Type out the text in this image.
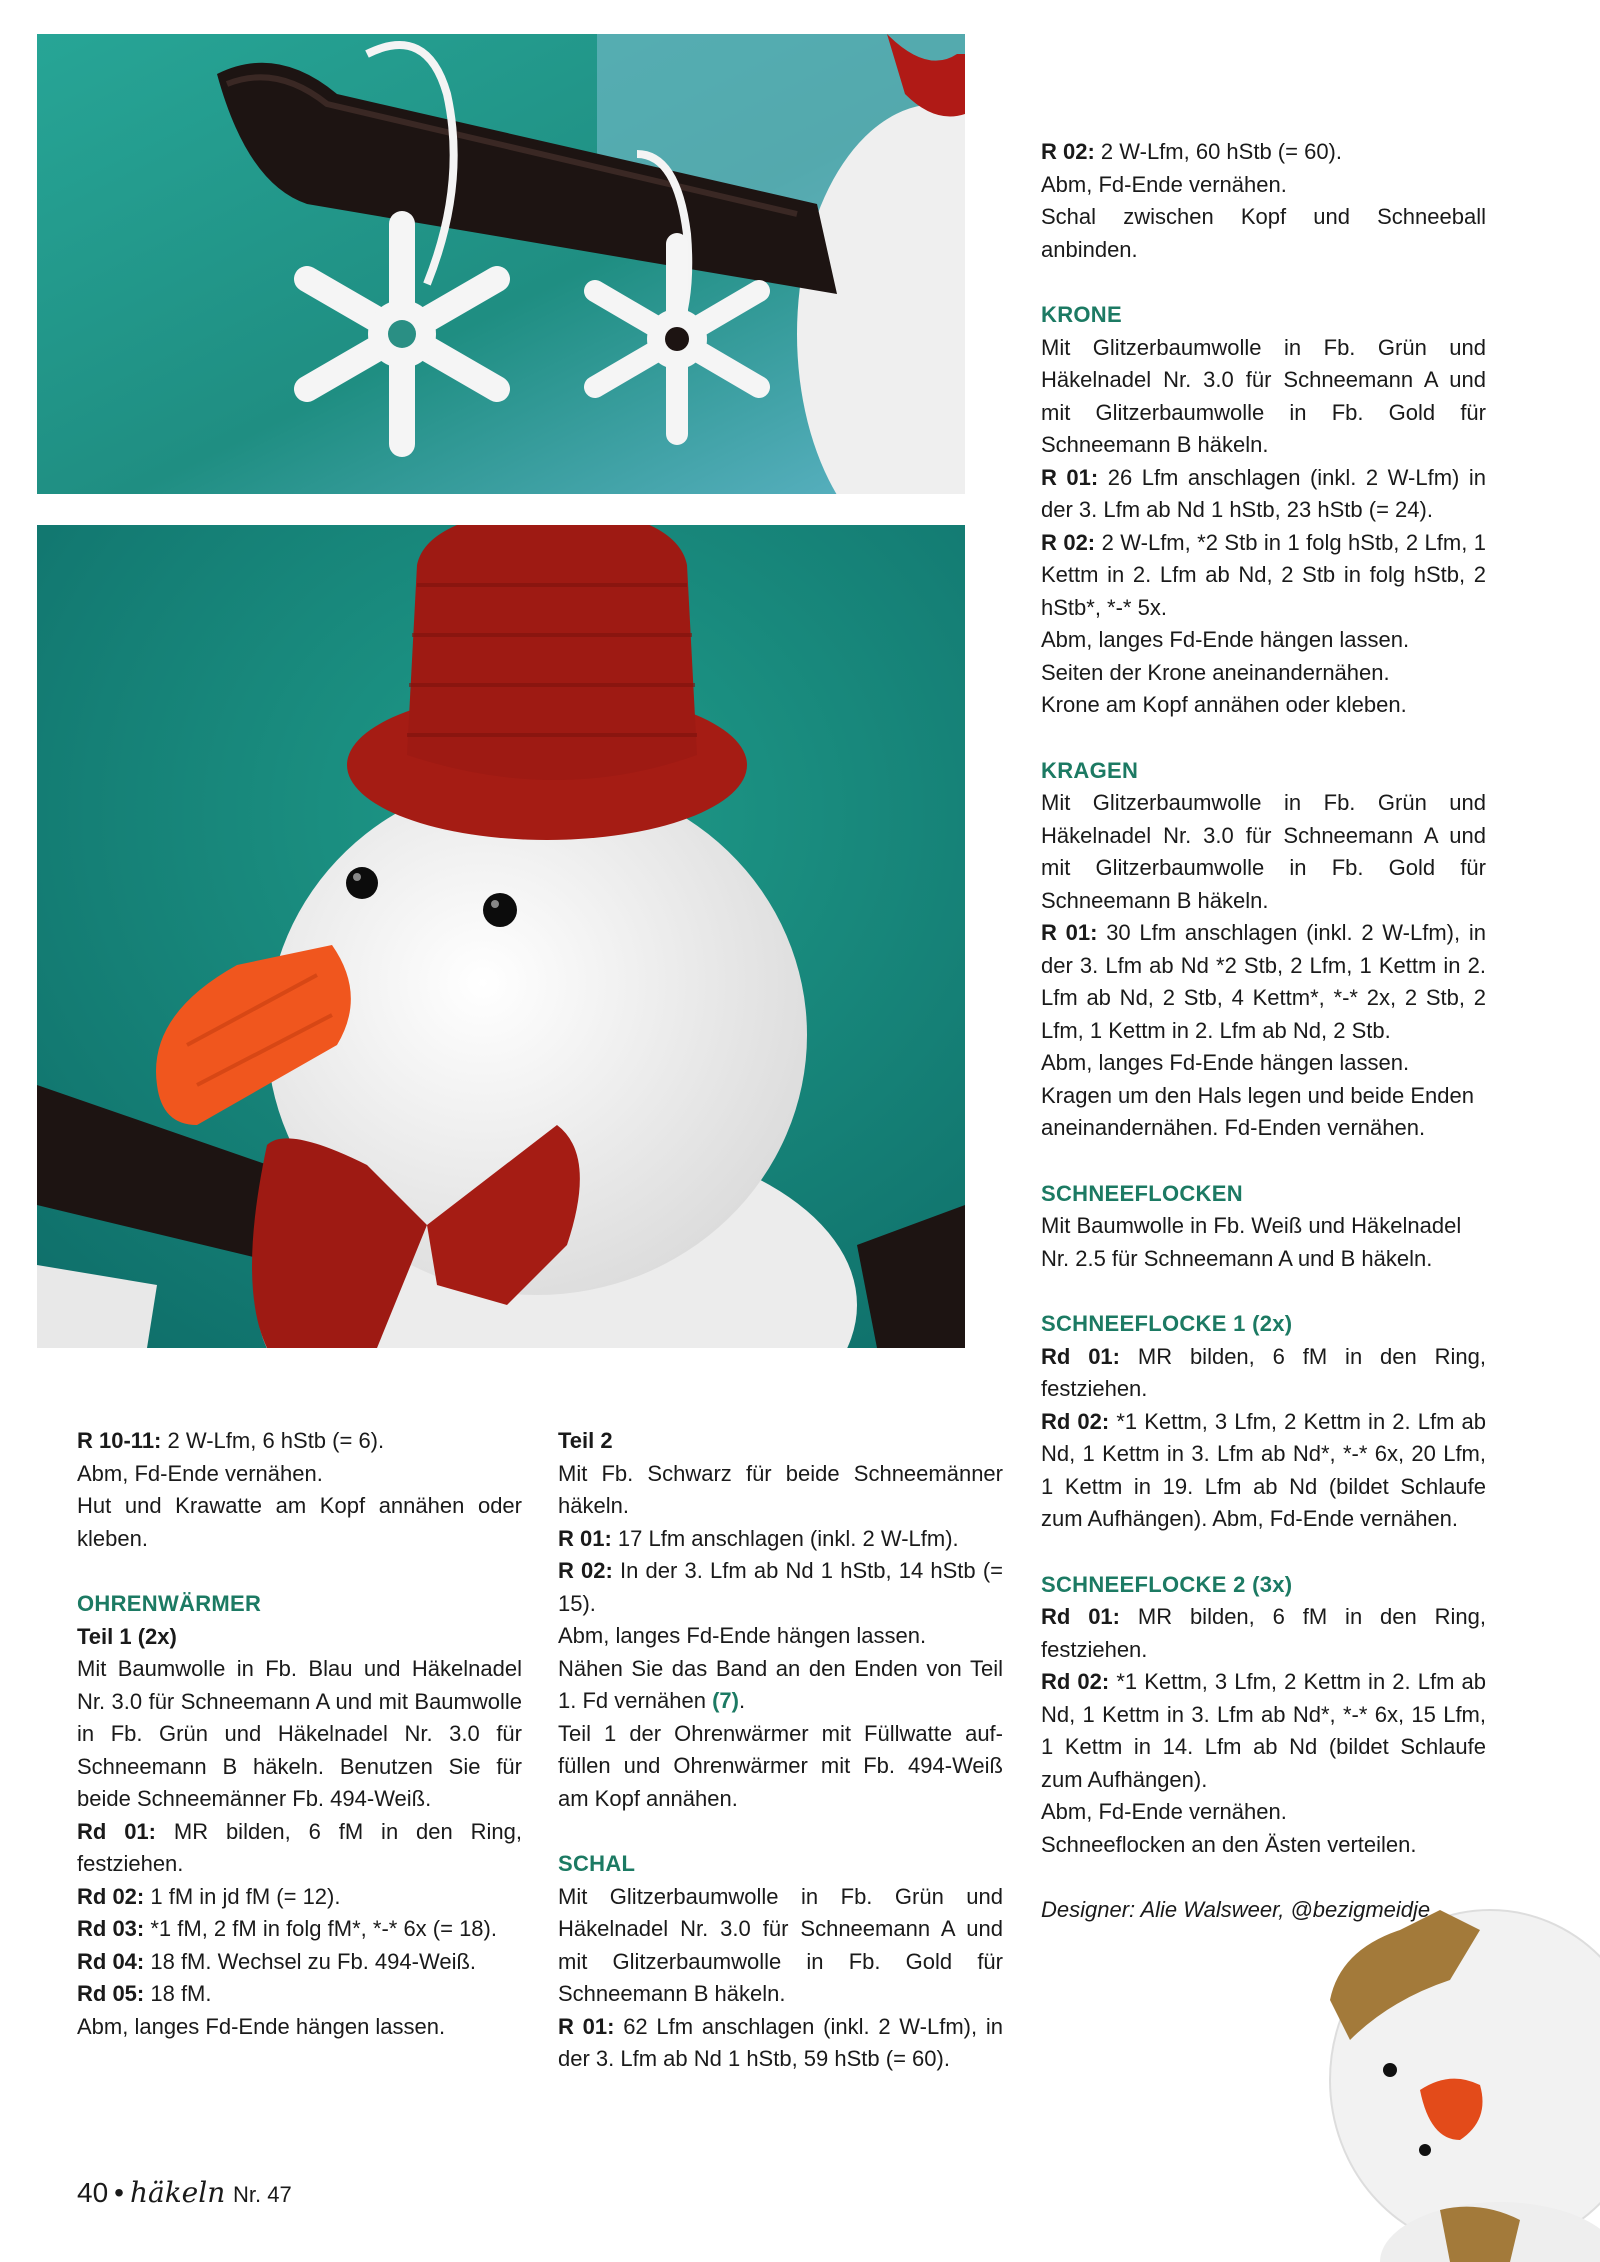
R 10-11: 2 W-Lfm, 6 hStb (= 6).

Abm, Fd-Ende vernähen.

Hut und Krawatte am Kopf annähen oder kleben.

OHRENWÄRMER

Teil 1 (2x)

Mit Baumwolle in Fb. Blau und Häkelnadel Nr. 3.0 für Schneemann A und mit Baumwolle in Fb. Grün und Häkelnadel Nr. 3.0 für Schneemann B häkeln. Benutzen Sie für beide Schneemänner Fb. 494-Weiß.

Rd 01: MR bilden, 6 fM in den Ring, festziehen.

Rd 02: 1 fM in jd fM (= 12).

Rd 03: *1 fM, 2 fM in folg fM*, *-* 6x (= 18).

Rd 04: 18 fM. Wechsel zu Fb. 494-Weiß.

Rd 05: 18 fM.

Abm, langes Fd-Ende hängen lassen.

Teil 2

Mit Fb. Schwarz für beide Schneemänner häkeln.

R 01: 17 Lfm anschlagen (inkl. 2 W-Lfm).

R 02: In der 3. Lfm ab Nd 1 hStb, 14 hStb (= 15).

Abm, langes Fd-Ende hängen lassen.

Nähen Sie das Band an den Enden von Teil 1. Fd vernähen (7).

Teil 1 der Ohrenwärmer mit Füllwatte auffüllen und Ohrenwärmer mit Fb. 494-Weiß am Kopf annähen.

SCHAL

Mit Glitzerbaumwolle in Fb. Grün und Häkelnadel Nr. 3.0 für Schneemann A und mit Glitzerbaumwolle in Fb. Gold für Schneemann B häkeln.

R 01: 62 Lfm anschlagen (inkl. 2 W-Lfm), in der 3. Lfm ab Nd 1 hStb, 59 hStb (= 60).

R 02: 2 W-Lfm, 60 hStb (= 60).

Abm, Fd-Ende vernähen.

Schal zwischen Kopf und Schneeball anbinden.

KRONE

Mit Glitzerbaumwolle in Fb. Grün und Häkelnadel Nr. 3.0 für Schneemann A und mit Glitzerbaumwolle in Fb. Gold für Schneemann B häkeln.

R 01: 26 Lfm anschlagen (inkl. 2 W-Lfm) in der 3. Lfm ab Nd 1 hStb, 23 hStb (= 24).

R 02: 2 W-Lfm, *2 Stb in 1 folg hStb, 2 Lfm, 1 Kettm in 2. Lfm ab Nd, 2 Stb in folg hStb, 2 hStb*, *-* 5x.

Abm, langes Fd-Ende hängen lassen.

Seiten der Krone aneinandernähen.

Krone am Kopf annähen oder kleben.

KRAGEN

Mit Glitzerbaumwolle in Fb. Grün und Häkelnadel Nr. 3.0 für Schneemann A und mit Glitzerbaumwolle in Fb. Gold für Schneemann B häkeln.

R 01: 30 Lfm anschlagen (inkl. 2 W-Lfm), in der 3. Lfm ab Nd *2 Stb, 2 Lfm, 1 Kettm in 2. Lfm ab Nd, 2 Stb, 4 Kettm*, *-* 2x, 2 Stb, 2 Lfm, 1 Kettm in 2. Lfm ab Nd, 2 Stb.

Abm, langes Fd-Ende hängen lassen.

Kragen um den Hals legen und beide Enden aneinandernähen. Fd-Enden vernähen.

SCHNEEFLOCKEN

Mit Baumwolle in Fb. Weiß und Häkelnadel Nr. 2.5 für Schneemann A und B häkeln.

SCHNEEFLOCKE 1 (2x)

Rd 01: MR bilden, 6 fM in den Ring, festziehen.

Rd 02: *1 Kettm, 3 Lfm, 2 Kettm in 2. Lfm ab Nd, 1 Kettm in 3. Lfm ab Nd*, *-* 6x, 20 Lfm, 1 Kettm in 19. Lfm ab Nd (bildet Schlaufe zum Aufhängen). Abm, Fd-Ende vernähen.

SCHNEEFLOCKE 2 (3x)

Rd 01: MR bilden, 6 fM in den Ring, festziehen.

Rd 02: *1 Kettm, 3 Lfm, 2 Kettm in 2. Lfm ab Nd, 1 Kettm in 3. Lfm ab Nd*, *-* 6x, 15 Lfm, 1 Kettm in 14. Lfm ab Nd (bildet Schlaufe zum Aufhängen).

Abm, Fd-Ende vernähen.

Schneeflocken an den Ästen verteilen.

Designer: Alie Walsweer, @bezigmeidje

40 • häkeln Nr. 47
